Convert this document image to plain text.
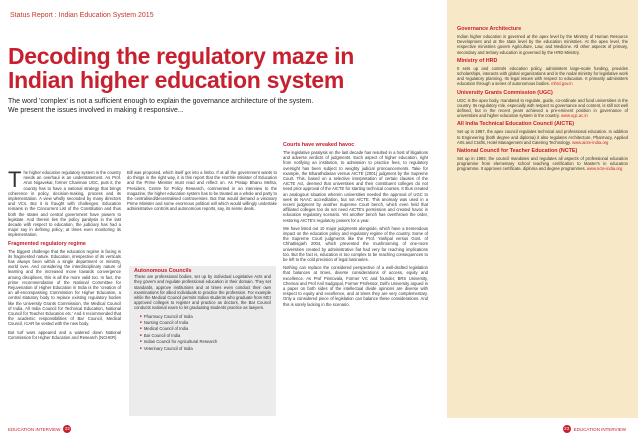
Status Report : Indian Education System 2015
Decoding the regulatory maze in Indian higher education system
The word 'complex' is not a sufficient enough to explain the governance architecture of the system. We present the issues involved in making it responsive...

The higher education regulatory system in the country needs an overhaul is an understatement. As Prof. Arun Nigavekar, former Chairman UGC, puts it, the country has to have a national strategy that brings coherence in policy, decision-making, process and its implementation. A view wholly seconded by many directors and VCs. But it is fraught with challenges. Education remains in the Concurrent List of the Constitution and thus both the states and central government have powers to legislate. And therein lies the policy paralysis in the last decade with respect to education, the judiciary has had a major say in defining policy; at times even monitoring its implementation.

Fragmented regulatory regime

The biggest challenge that the education regime is facing is its fragmented nature. Education, irrespective of its verticals has always been within a single department or ministry, world over. And considering the interdisciplinary nature of learning and the increased move towards convergence among disciplines, this is all the more valid too. In fact, the prime recommendation of the National Committee for Rejuvenation of Higher Education in India is the 'creation of an all-encompassing Commission for Higher Education, a central statutory body to replace existing regulatory bodies like the University Grants Commission, the Medical Council of India, All India Council for Technical Education, National Council for Teacher Education etc.' And it recommended that the academic responsibilities of Bar Council, Medical Council, ICAR be vested with the new body.

But turf wars appeared and a watered down National Commission for Higher Education and Research (NCHER)

Bill was proposed, which itself got into a limbo. If at all the government wants to do things in the right way, it is this report that the Hon'ble Minister of Education and the Prime Minister must read and reflect on. As Pratap Bhanu Mehta, President, Centre for Policy Research, commented in an interview to the magazine, the higher education system has to be treated as a whole and party to the centralised/decentralised controversies. But that would demand a visionary Prime Minister and some enormous political will which would willingly undertake administrative controls and autonomous reports, say, its sense deals.

Autonomous Councils

These are professional bodies, set up by individual Legislative Acts and they govern and regulate professional education in their domain. They set standards, approve institutions and at times even conduct their own examinations for allied individuals to practice the profession. For example while the Medical Council permits Indian students who graduate from MCI approved colleges to register and practice as doctors, the Bar Council conducts national exam to let graduating students practice as lawyers.

■ Pharmacy Council of India
■ Nursing Council of India
■ Medical Council of India
■ Bar Council of India
■ Indian Council for Agricultural Research
■ Veterinary Council of India
Courts have wreaked havoc

The legislative paralysis on the last decade has resulted in a host of litigations and adverse verdicts of judgments. Each aspect of higher education, right from notifying an institution, to admission to practice fees, to regulatory oversight has been subject to weighty judicial pronouncements. Take for example, the Bharathidasan versus AICTE (2001) judgment by the Supreme Court. This, based on a selective interpretation of certain clauses of the AICTE Act, deemed that universities and their constituent colleges do not need prior approval of the AICTE for starting technical courses. It thus created an analogous situation wherein universities needed the approval of UGC to seek its NAAC accreditation, but not AICTE. This anomaly was used in a recent judgment by another Supreme Court bench, which even held that affiliated colleges too do not need AICTE's permission and created havoc in education regulatory scenario. Yet another bench has overthrown the order, restoring AICTE's regulatory powers for a year.

We have listed out 10 major judgments alongside, which have a tremendous impact on the education policy and regulatory regime of the country. Some of the Supreme Court judgments like the Prof. Yashpal versus Govt. of Chhattisgarh 2004, which prevented the mushrooming of one-room universities created by administrative fiat had very far reaching implications too. But the fact is, education is too complex to be reaching consequences to be left to the cold precision of legal luminaries.

Nothing can replace the considered perspective of a well-drafted legislation that balances at times, diverse considerations of access, equity and excellence. As Prof Pinnovala, Former VC and founder, BRS University, Chennai and Prof Anil Sadgopal, Former Professor, Delhi University argued in a paper on both sides of the intellectual divide opinions are diverse with respect to equity and excellence, and at times they are very complementary. Only a considered piece of legislation can balance these considerations. And this is sorely lacking in the scenario.

Governance Architecture

Indian higher education is governed at the apex level by the Ministry of Human Resource Development and at the state level by the education ministries. At the apex level, the respective ministries govern Agriculture, Law, and Medicine. All other aspects of primary, secondary and tertiary education is governed by the HRD Ministry.

Ministry of HRD

It sets up and controls education policy, administers large-scale funding, provides scholarships, interacts with global organizations and is the nodal ministry for legislative work and regulatory planning. Its legal issues with respect to education. It primarily administers education through a series of autonomous bodies. mhrd.gov.in

University Grants Commission (UGC)

UGC is the apex body, mandated to regulate, guide, co-ordinate and fund universities in the country. Its regulatory role, especially with respect to governance and content, is still not well defined, but in the recent years achieved a pre-eminent position in governance of universities and higher education system in the country. www.ugc.ac.in

All India Technical Education Council (AICTE)

Set up in 1987, the apex council regulates technical and professional education. In addition to Engineering (both degree and diploma) it also regulates Architecture, Pharmacy, Applied Arts and Crafts, Hotel Management and Catering Technology. www.aicte-india.org

National Council for Teacher Education (NCTE)

Set up in 1993, the council mandates and regulates all aspects of professional education programme from elementary school teaching certification to Master's in education programme. It approves certificate, diploma and degree programmes. www.ncte-india.org

EDUCATION INTERVIEW 22	23	EDUCATION INTERVIEW
